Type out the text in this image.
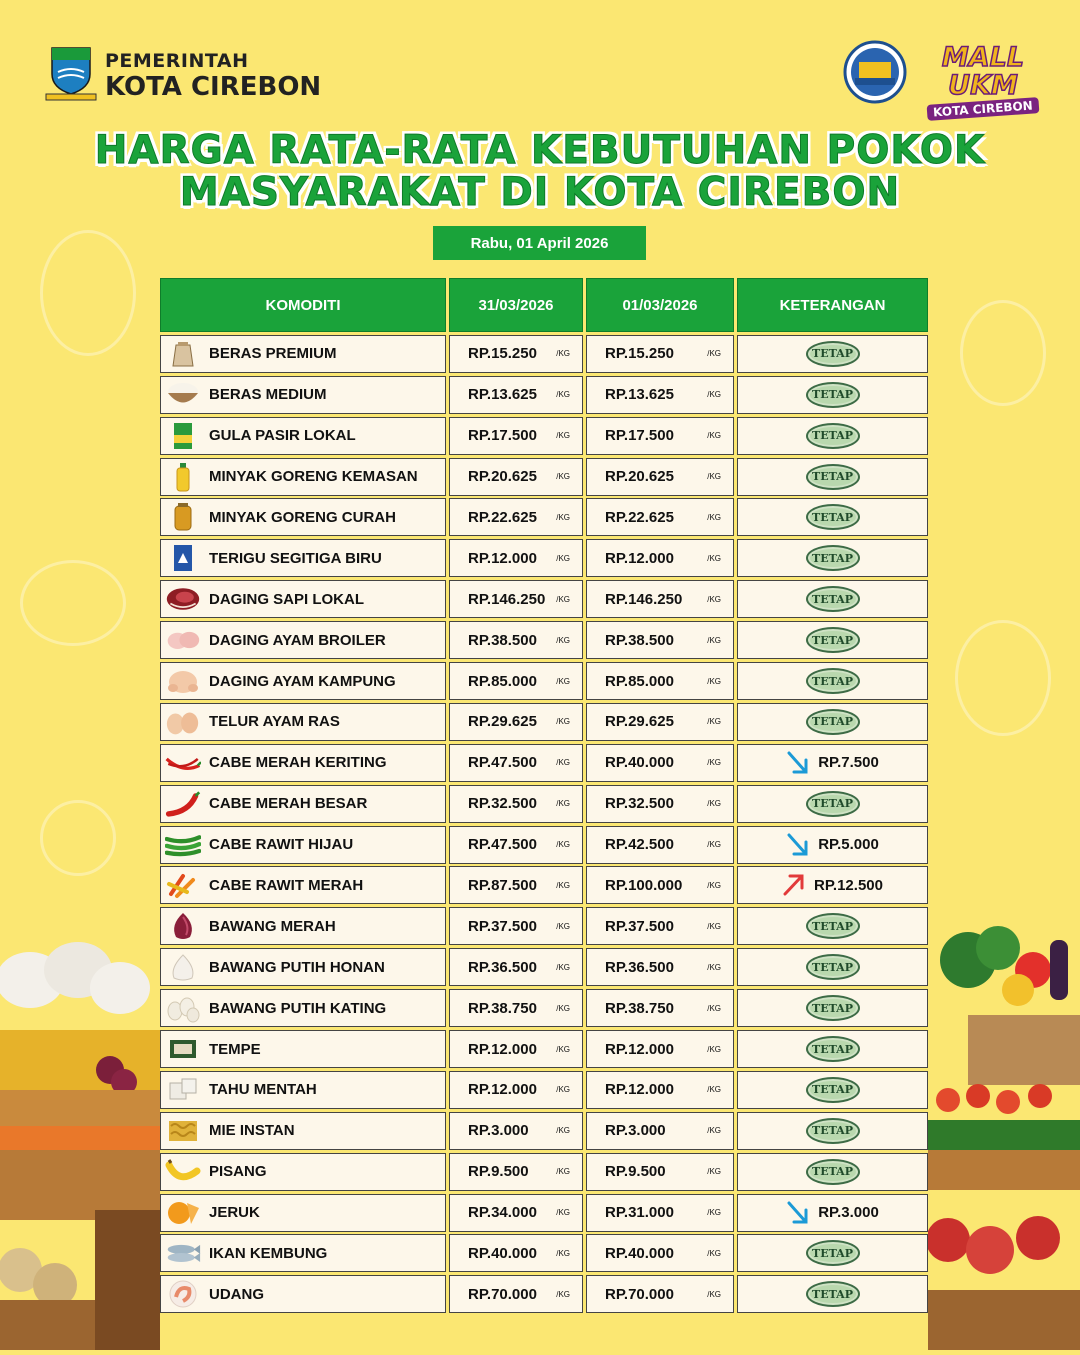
PEMERINTAH
KOTA CIREBON
MALL UKM
KOTA CIREBON
HARGA RATA-RATA KEBUTUHAN POKOK
MASYARAKAT DI KOTA CIREBON
Rabu, 01 April 2026
KOMODITI	31/03/2026	01/03/2026	KETERANGAN
BERAS PREMIUM	RP.15.250 /KG	RP.15.250	/KG	TETAP
BERAS MEDIUM	RP.13.625 /KG	RP.13.625	/KG	TETAP
GULA PASIR LOKAL	RP.17.500 /KG	RP.17.500	/KG	TETAP
MINYAK GORENG KEMASAN	RP.20.625 /KG	RP.20.625	/KG	TETAP
MINYAK GORENG CURAH	RP.22.625 /KG	RP.22.625	/KG	TETAP
TERIGU SEGITIGA BIRU	RP.12.000 /KG	RP.12.000	/KG	TETAP
DAGING SAPI LOKAL	RP.146.250 /KG	RP.146.250	/KG	TETAP
DAGING AYAM BROILER	RP.38.500 /KG	RP.38.500	/KG	TETAP
DAGING AYAM KAMPUNG	RP.85.000 /KG	RP.85.000	/KG	TETAP
TELUR AYAM RAS	RP.29.625 /KG	RP.29.625	/KG	TETAP
CABE MERAH KERITING	RP.47.500 /KG	RP.40.000	/KG	RP.7.500
CABE MERAH BESAR	RP.32.500 /KG	RP.32.500	/KG	TETAP
CABE RAWIT HIJAU	RP.47.500 /KG	RP.42.500	/KG	RP.5.000
CABE RAWIT MERAH	RP.87.500 /KG	RP.100.000	/KG	RP.12.500
BAWANG MERAH	RP.37.500 /KG	RP.37.500	/KG	TETAP
BAWANG PUTIH HONAN	RP.36.500 /KG	RP.36.500	/KG	TETAP
BAWANG PUTIH KATING	RP.38.750 /KG	RP.38.750	/KG	TETAP
TEMPE	RP.12.000 /KG	RP.12.000	/KG	TETAP
TAHU MENTAH	RP.12.000 /KG	RP.12.000	/KG	TETAP
MIE INSTAN	RP.3.000	/KG	RP.3.000	/KG	TETAP
PISANG	RP.9.500	/KG	RP.9.500	/KG	TETAP
JERUK	RP.34.000 /KG	RP.31.000	/KG	RP.3.000
IKAN KEMBUNG	RP.40.000 /KG	RP.40.000	/KG	TETAP
UDANG	RP.70.000 /KG	RP.70.000	/KG	TETAP
